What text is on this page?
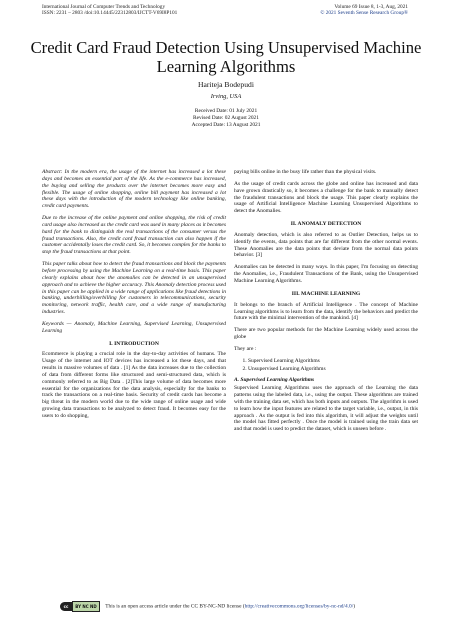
International Journal of Computer Trends and Technology
ISSN: 2231 – 2803 /doi:10.14445/22312803/IJCTT-V69I8P101
Volume 69 Issue 8, 1-3, Aug, 2021
© 2021 Seventh Sense Research Group®
Credit Card Fraud Detection Using Unsupervised Machine Learning Algorithms
Hariteja Bodepudi
Irving, USA
Received Date: 01 July 2021
Revised Date: 02 August 2021
Accepted Date: 13 August 2021

Abstract: In the modern era, the usage of the internet has increased a lot these days and becomes an essential part of the life. As the e-commerce has increased, the buying and selling the products over the internet becomes more easy and flexible. The usage of online shopping, online bill payment has increased a lot these days with the introduction of the modern technology like online banking, credit card payments.

Due to the increase of the online payment and online shopping, the risk of credit card usage also increased as the credit card was used in many places as it becomes hard for the bank to distinguish the real transactions of the consumer versus the fraud transactions. Also, the credit card fraud transaction can also happen if the customer accidentally loses the credit card. So, it becomes complex for the banks to stop the fraud transactions at that point.

This paper talks about how to detect the fraud transactions and block the payments before processing by using the Machine Learning on a real-time basis. This paper clearly explains about how the anomalies can be detected in an unsupervised approach and to achieve the higher accuracy. This Anomaly detection process used in this paper can be applied in a wide range of applications like fraud detections in banking, underbilling/overbilling for customers in telecommunications, security monitoring, network traffic, health care, and a wide range of manufacturing industries.

Keywords — Anomaly, Machine Learning, Supervised Learning, Unsupervised Learning

I. INTRODUCTION

Ecommerce is playing a crucial role in the day-to-day activities of humans. The Usage of the internet and IOT devices has increased a lot these days, and that results in massive volumes of data . [1] As the data increases due to the collection of data from different forms like structured and semi-structured data, which is commonly referred to as Big Data . [2]This large volume of data becomes more essential for the organizations for the data analysis, especially for the banks to track the transactions on a real-time basis. Security of credit cards has become a big threat in the modern world due to the wide range of online usage and wide growing data transactions to be analyzed to detect fraud. It becomes easy for the users to do shopping,

paying bills online in the busy life rather than the physical visits.

As the usage of credit cards across the globe and online has increased and data have grown drastically so, it becomes a challenge for the bank to manually detect the fraudulent transactions and block the usage. This paper clearly explains the usage of Artificial Intelligence Machine Learning Unsupervised Algorithms to detect the Anomalies.

II. ANOMALY DETECTION

Anomaly detection, which is also referred to as Outlier Detection, helps us to identify the events, data points that are far different from the other normal events. These Anomalies are the data points that deviate from the normal data points behavior. [3]

Anomalies can be detected in many ways. In this paper, I'm focusing on detecting the Anomalies, i.e., Fraudulent Transactions of the Bank, using the Unsupervised Machine Learning Algorithms.

III. MACHINE LEARNING

It belongs to the branch of Artificial Intelligence . The concept of Machine Learning algorithms is to learn from the data, identify the behaviors and predict the future with the minimal intervention of the mankind. [4]

There are two popular methods for the Machine Learning widely used across the globe

They are :

1. Supervised Learning Algorithms
2. Unsupervised Learning Algorithms
A. Supervised Learning Algorithms

Supervised Learning Algorithms uses the approach of the Learning the data patterns using the labeled data, i.e., using the output. These algorithms are trained with the training data set, which has both inputs and outputs. The algorithm is used to learn how the input features are related to the target variable, i.e., output, in this approach . As the output is fed into this algorithm, it will adjust the weights until the model has fitted perfectly . Once the model is trained using the train data set and that model is used to predict the dataset, which is unseen before .

cc	BY NC ND	This is an open access article under the CC BY-NC-ND license (http://creativecommons.org/licenses/by-nc-nd/4.0/)
